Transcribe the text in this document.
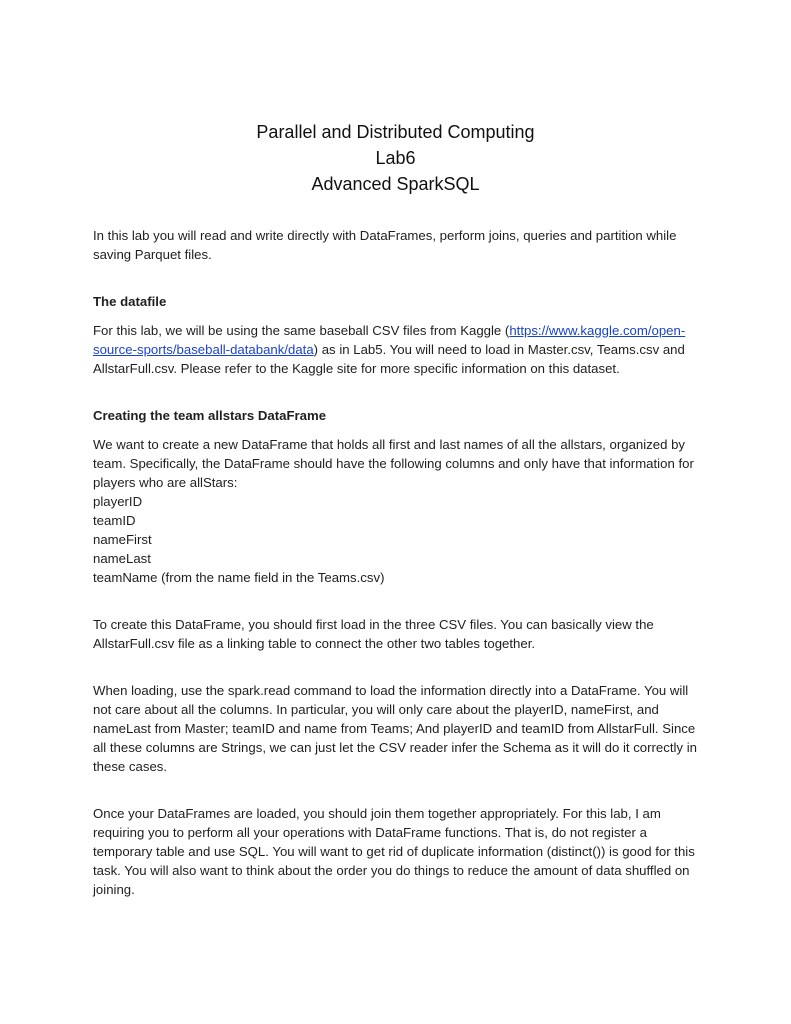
Parallel and Distributed Computing
Lab6
Advanced SparkSQL

In this lab you will read and write directly with DataFrames, perform joins, queries and partition while saving Parquet files.

The datafile

For this lab, we will be using the same baseball CSV files from Kaggle (https://www.kaggle.com/open-source-sports/baseball-databank/data) as in Lab5. You will need to load in Master.csv, Teams.csv and AllstarFull.csv. Please refer to the Kaggle site for more specific information on this dataset.

Creating the team allstars DataFrame

We want to create a new DataFrame that holds all first and last names of all the allstars, organized by team. Specifically, the DataFrame should have the following columns and only have that information for players who are allStars:

playerID
teamID
nameFirst
nameLast
teamName (from the name field in the Teams.csv)

To create this DataFrame, you should first load in the three CSV files. You can basically view the AllstarFull.csv file as a linking table to connect the other two tables together.

When loading, use the spark.read command to load the information directly into a DataFrame. You will not care about all the columns. In particular, you will only care about the playerID, nameFirst, and nameLast from Master; teamID and name from Teams; And playerID and teamID from AllstarFull. Since all these columns are Strings, we can just let the CSV reader infer the Schema as it will do it correctly in these cases.

Once your DataFrames are loaded, you should join them together appropriately. For this lab, I am requiring you to perform all your operations with DataFrame functions. That is, do not register a temporary table and use SQL. You will want to get rid of duplicate information (distinct()) is good for this task. You will also want to think about the order you do things to reduce the amount of data shuffled on joining.
